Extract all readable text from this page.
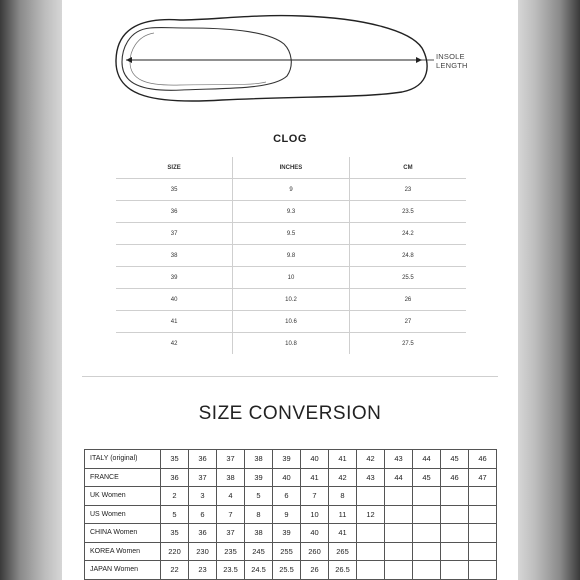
INSOLE
LENGTH
CLOG
SIZE	INCHES	CM
35	9	23
36	9.3	23.5
37	9.5	24.2
38	9.8	24.8
39	10	25.5
40	10.2	26
41	10.6	27
42	10.8	27.5
SIZE CONVERSION
ITALY (original)	35	36	37	38	39	40	41	42	43	44	45	46
FRANCE	36	37	38	39	40	41	42	43	44	45	46	47
UK Women	2	3	4	5	6	7	8					
US Women	5	6	7	8	9	10	11	12				
CHINA Women	35	36	37	38	39	40	41					
KOREA Women	220	230	235	245	255	260	265					
JAPAN Women	22	23	23.5	24.5	25.5	26	26.5					
